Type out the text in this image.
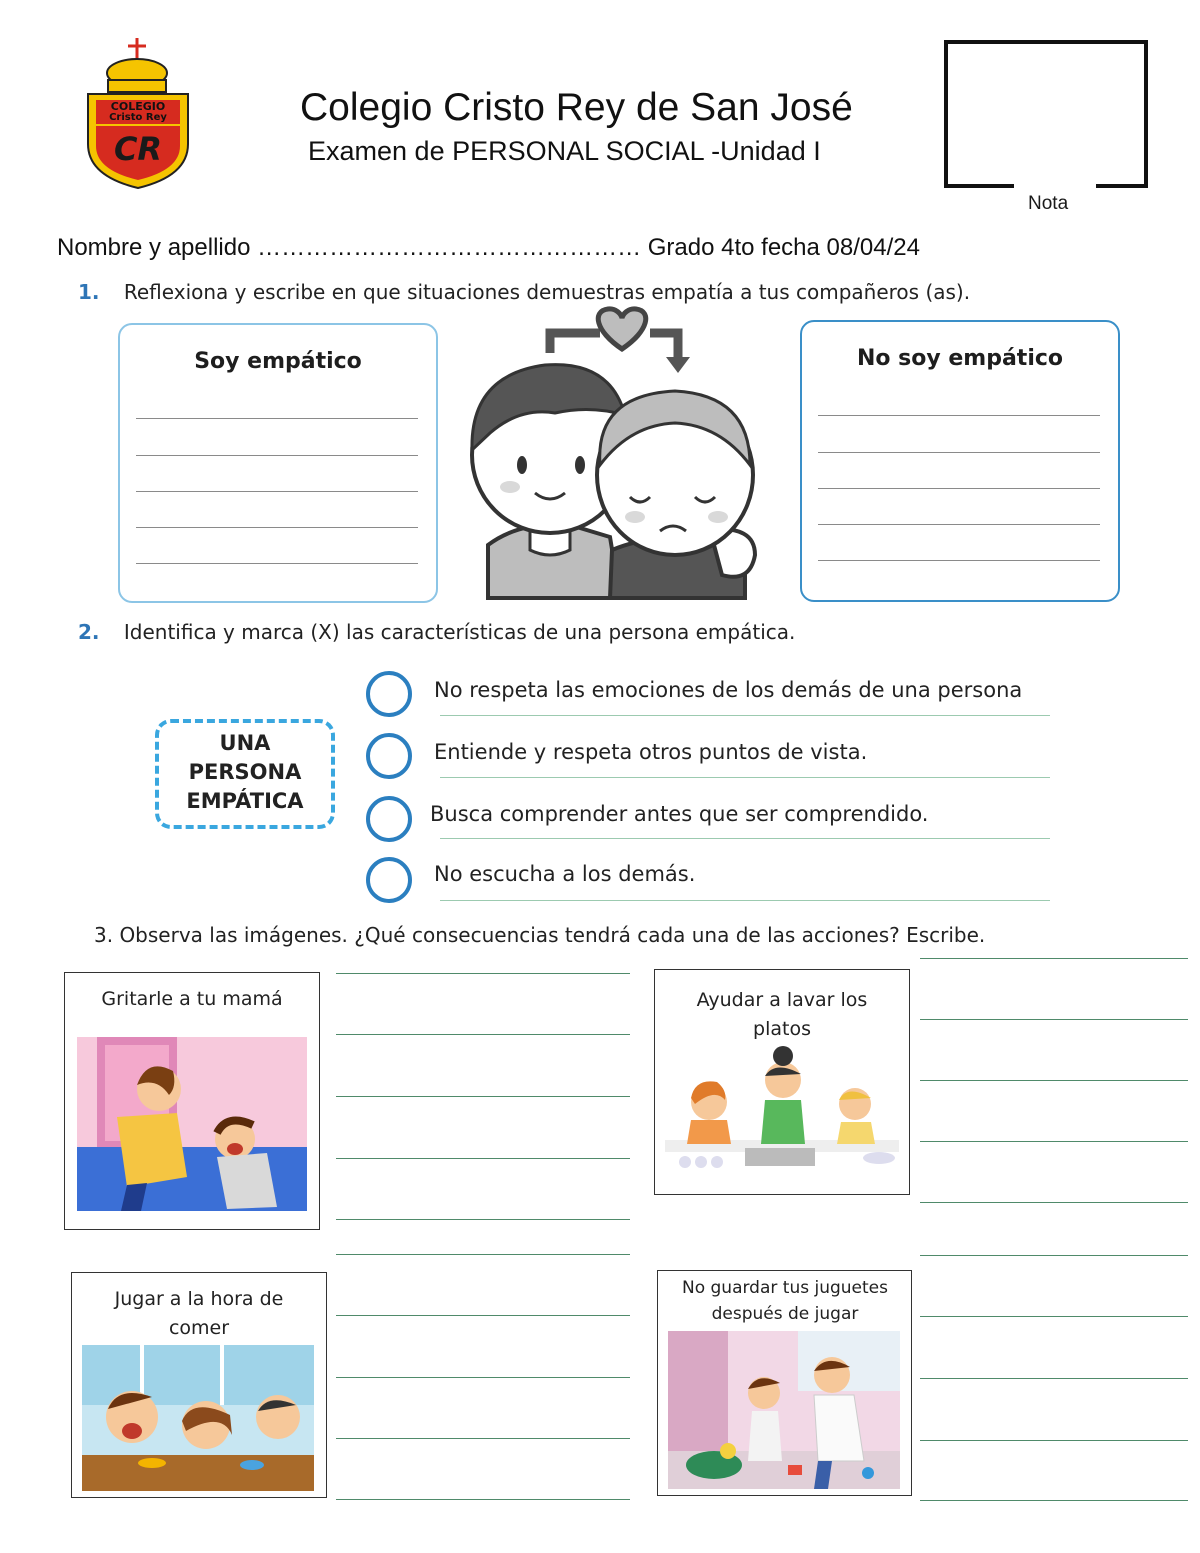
COLEGIO
Cristo Rey
CR
Colegio Cristo Rey de San José
Examen de PERSONAL SOCIAL -Unidad I
Nota
Nombre y apellido ………………………………………… Grado 4to fecha 08/04/24
1. Reflexiona y escribe en que situaciones demuestras empatía a tus compañeros (as).
Soy empático	No soy empático
2. Identifica y marca (X) las características de una persona empática.
UNA
PERSONA
EMPÁTICA
No respeta las emociones de los demás de una persona
Entiende y respeta otros puntos de vista.
Busca comprender antes que ser comprendido.
No escucha a los demás.
3. Observa las imágenes. ¿Qué consecuencias tendrá cada una de las acciones? Escribe.
Gritarle a tu mamá	Ayudar a lavar los platos
Jugar a la hora de comer
No guardar tus juguetes después de jugar
